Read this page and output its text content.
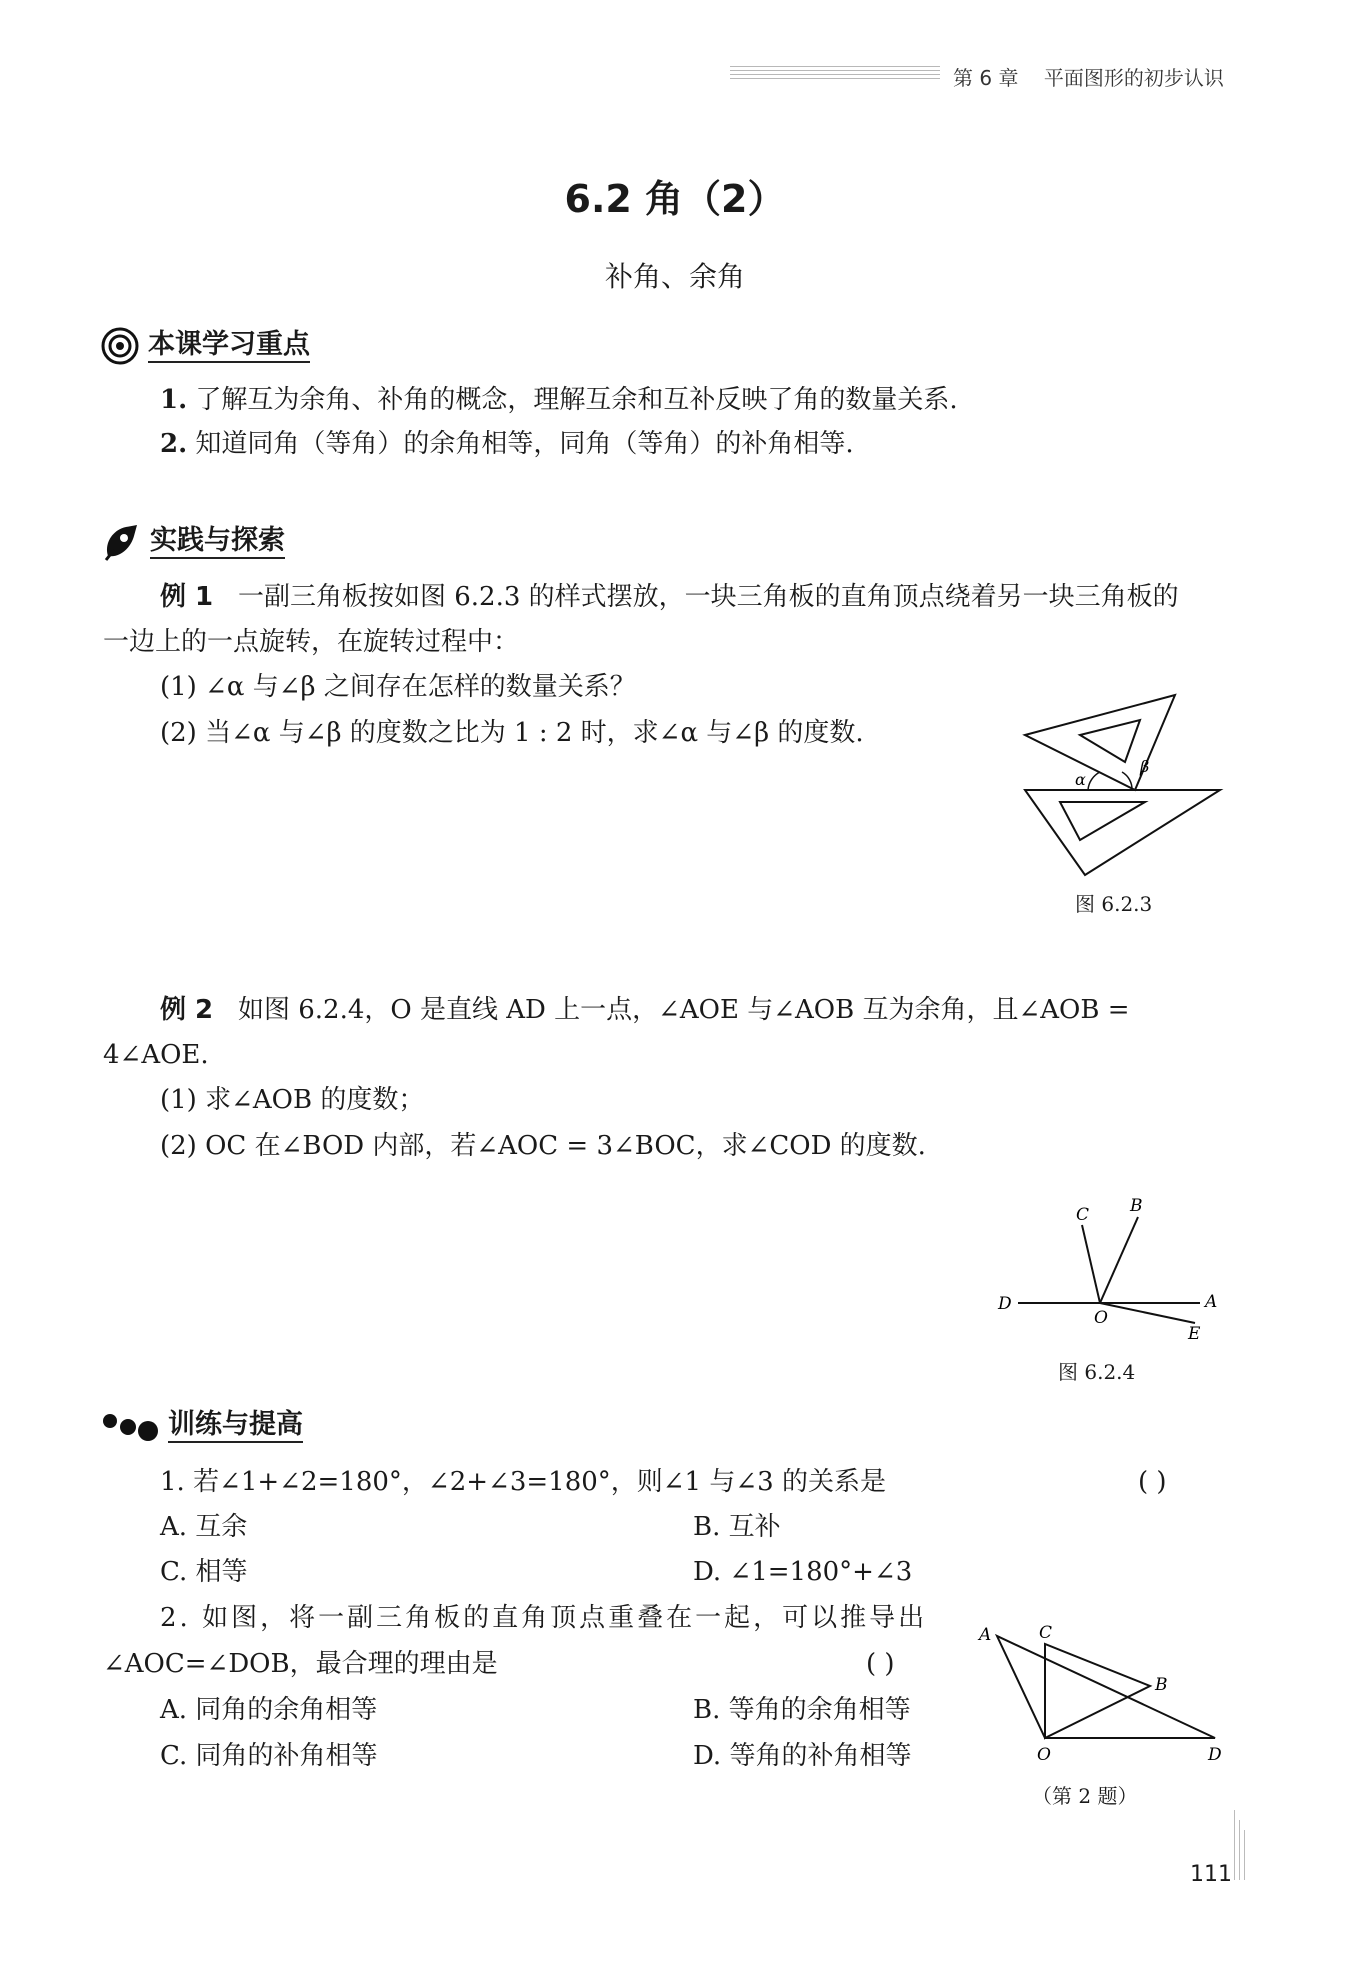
第 6 章 平面图形的初步认识
6.2 角（2）
补角、余角
本课学习重点
1. 了解互为余角、补角的概念，理解互余和互补反映了角的数量关系.
2. 知道同角（等角）的余角相等，同角（等角）的补角相等.
实践与探索
例 1 一副三角板按如图 6.2.3 的样式摆放，一块三角板的直角顶点绕着另一块三角板的
一边上的一点旋转，在旋转过程中：
(1) ∠α 与∠β 之间存在怎样的数量关系？
(2) 当∠α 与∠β 的度数之比为 1 : 2 时，求∠α 与∠β 的度数.
α
β
图 6.2.3
例 2 如图 6.2.4，O 是直线 AD 上一点，∠AOE 与∠AOB 互为余角，且∠AOB =
4∠AOE.
(1) 求∠AOB 的度数；
(2) OC 在∠BOD 内部，若∠AOC = 3∠BOC，求∠COD 的度数.
C B
D
O
A
E
图 6.2.4
训练与提高
1. 若∠1+∠2=180°，∠2+∠3=180°，则∠1 与∠3 的关系是	( )
A. 互余	B. 互补
C. 相等	D. ∠1=180°+∠3
2. 如图，将一副三角板的直角顶点重叠在一起，可以推导出
∠AOC=∠DOB，最合理的理由是	( )
A. 同角的余角相等	B. 等角的余角相等
C. 同角的补角相等	D. 等角的补角相等
A	C
B
O	D
（第 2 题）
111
